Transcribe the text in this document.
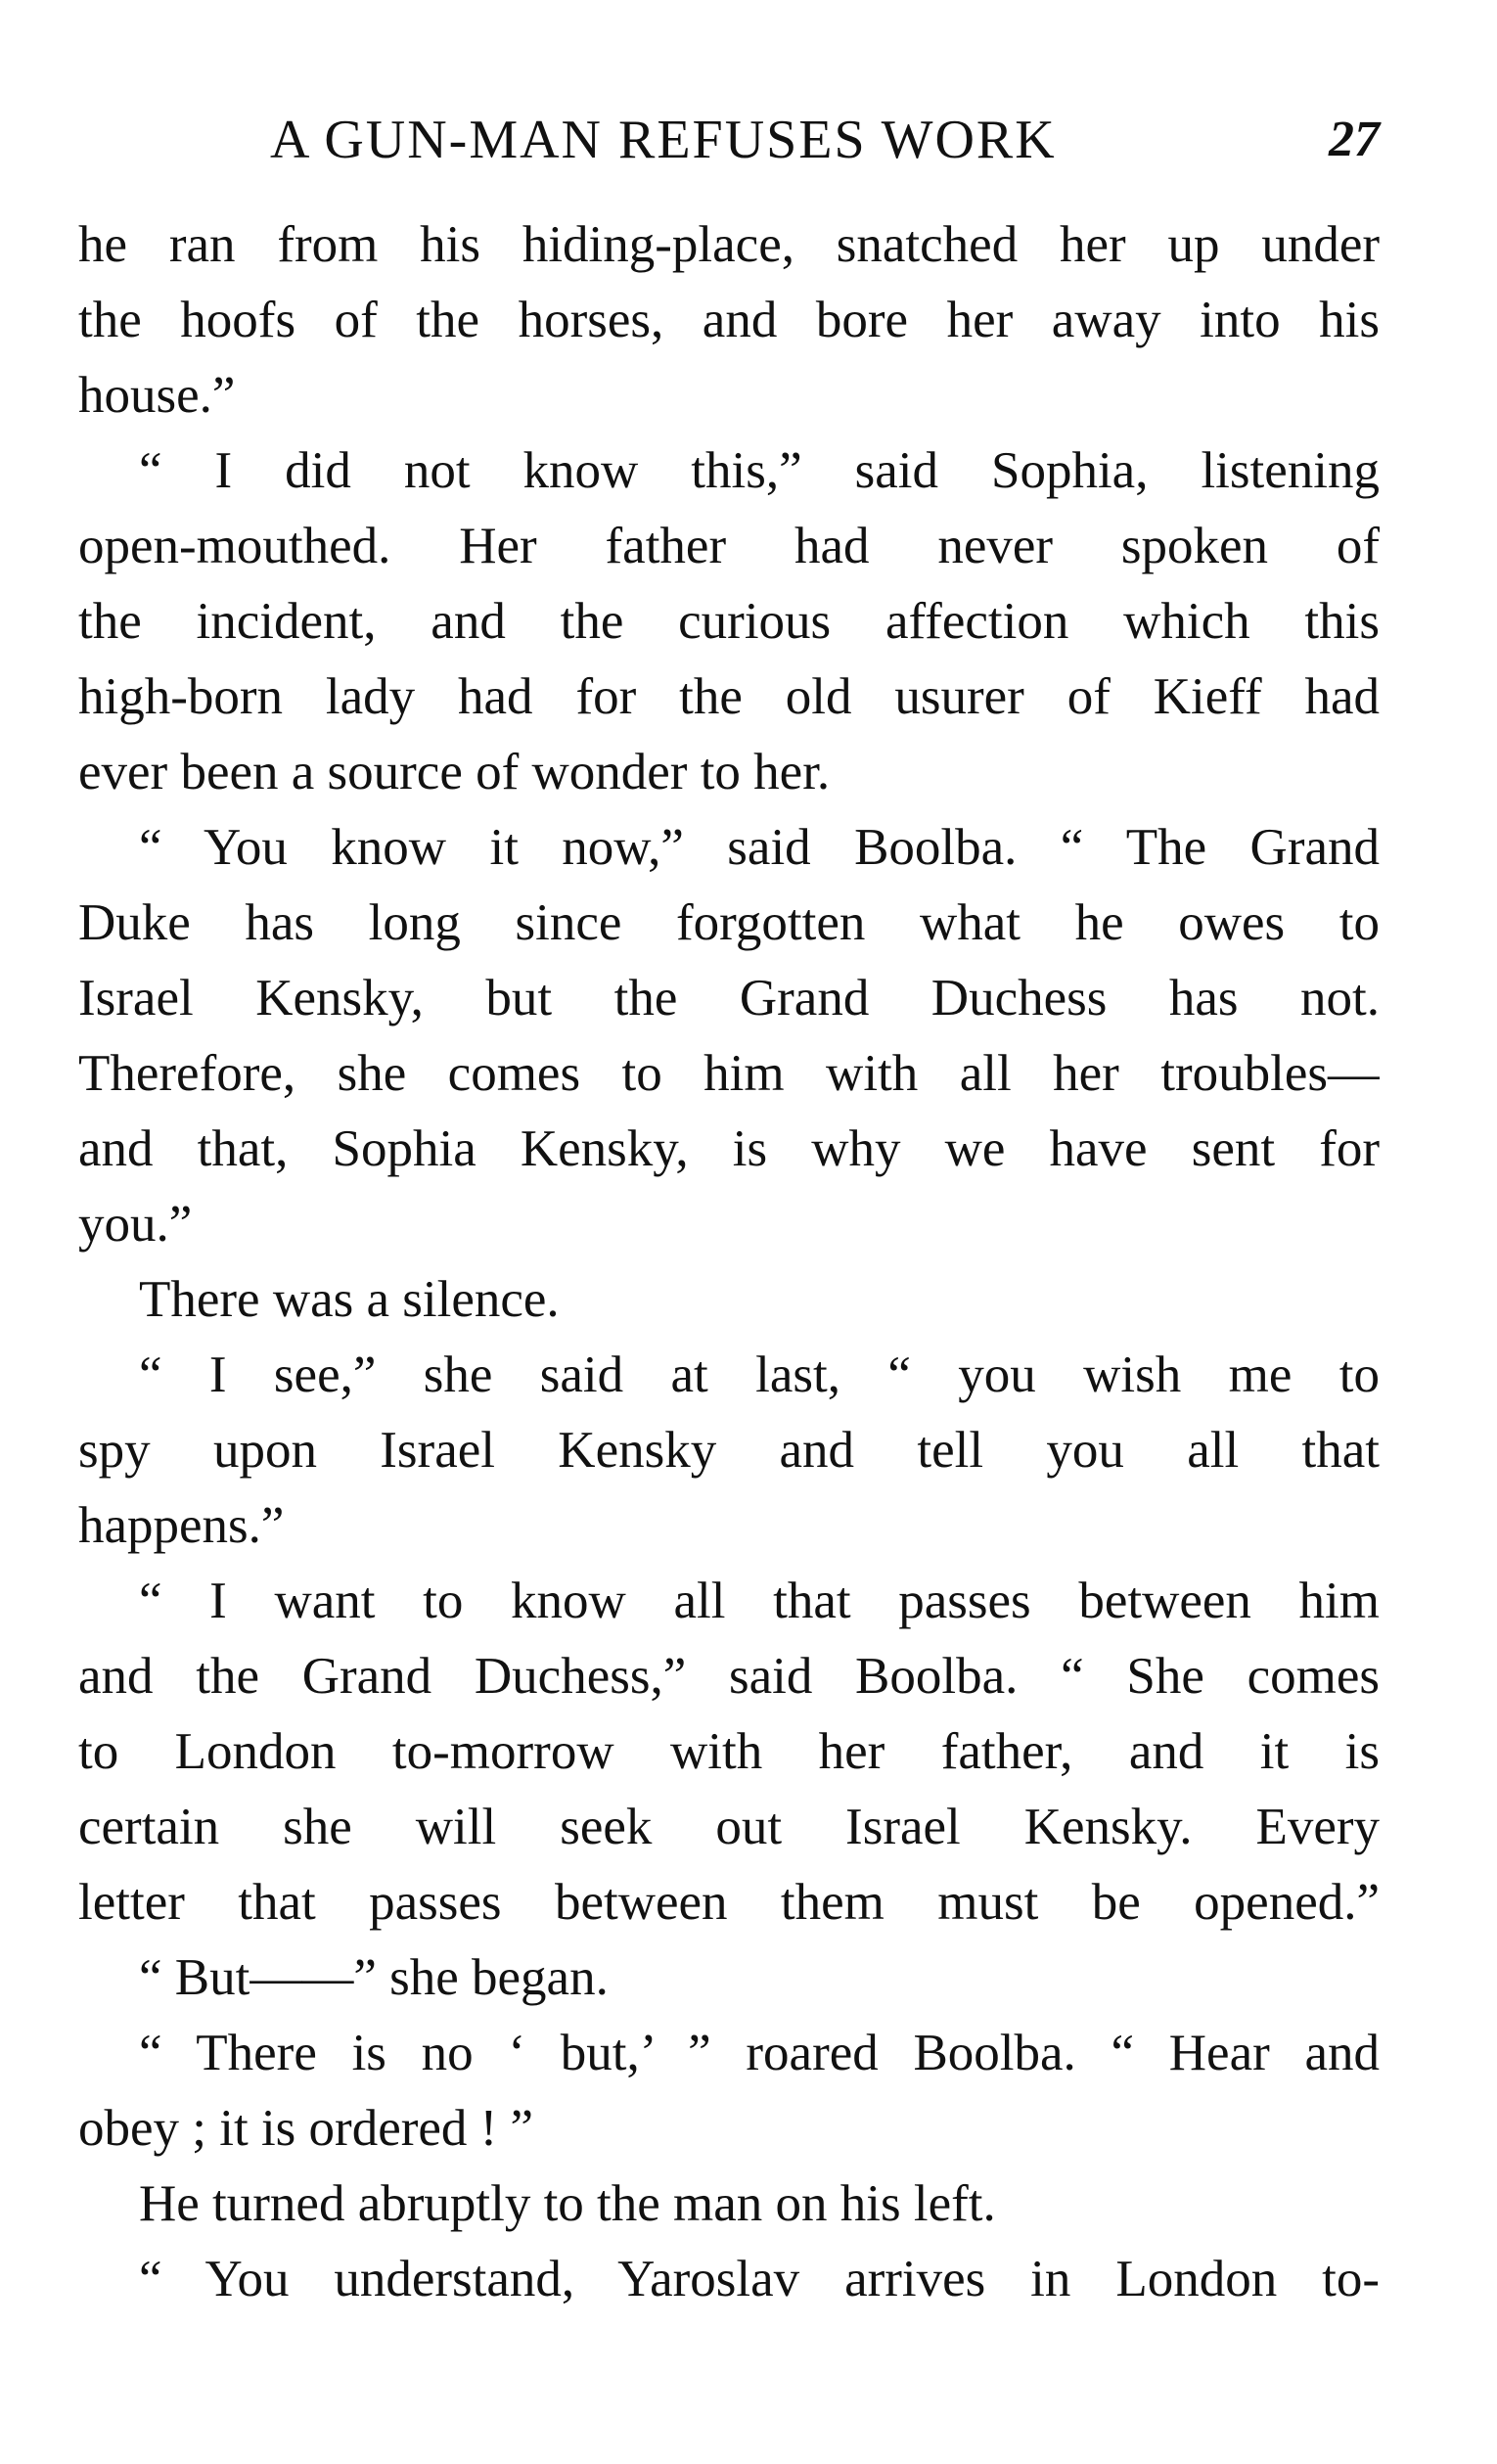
A GUN-MAN REFUSES WORK	27
he ran from his hiding-place, snatched her up under
the hoofs of the horses, and bore her away into his
house.”
“ I did not know this,” said Sophia, listening
open-mouthed. Her father had never spoken of
the incident, and the curious affection which this
high-born lady had for the old usurer of Kieff had
ever been a source of wonder to her.
“ You know it now,” said Boolba. “ The Grand
Duke has long since forgotten what he owes to
Israel Kensky, but the Grand Duchess has not.
Therefore, she comes to him with all her troubles—
and that, Sophia Kensky, is why we have sent for
you.”
There was a silence.
“ I see,” she said at last, “ you wish me to
spy upon Israel Kensky and tell you all that
happens.”
“ I want to know all that passes between him
and the Grand Duchess,” said Boolba. “ She comes
to London to-morrow with her father, and it is
certain she will seek out Israel Kensky. Every
letter that passes between them must be opened.”
“ But——” she began.
“ There is no ‘ but,’ ” roared Boolba. “ Hear and
obey ; it is ordered ! ”
He turned abruptly to the man on his left.
“ You understand, Yaroslav arrives in London to-
